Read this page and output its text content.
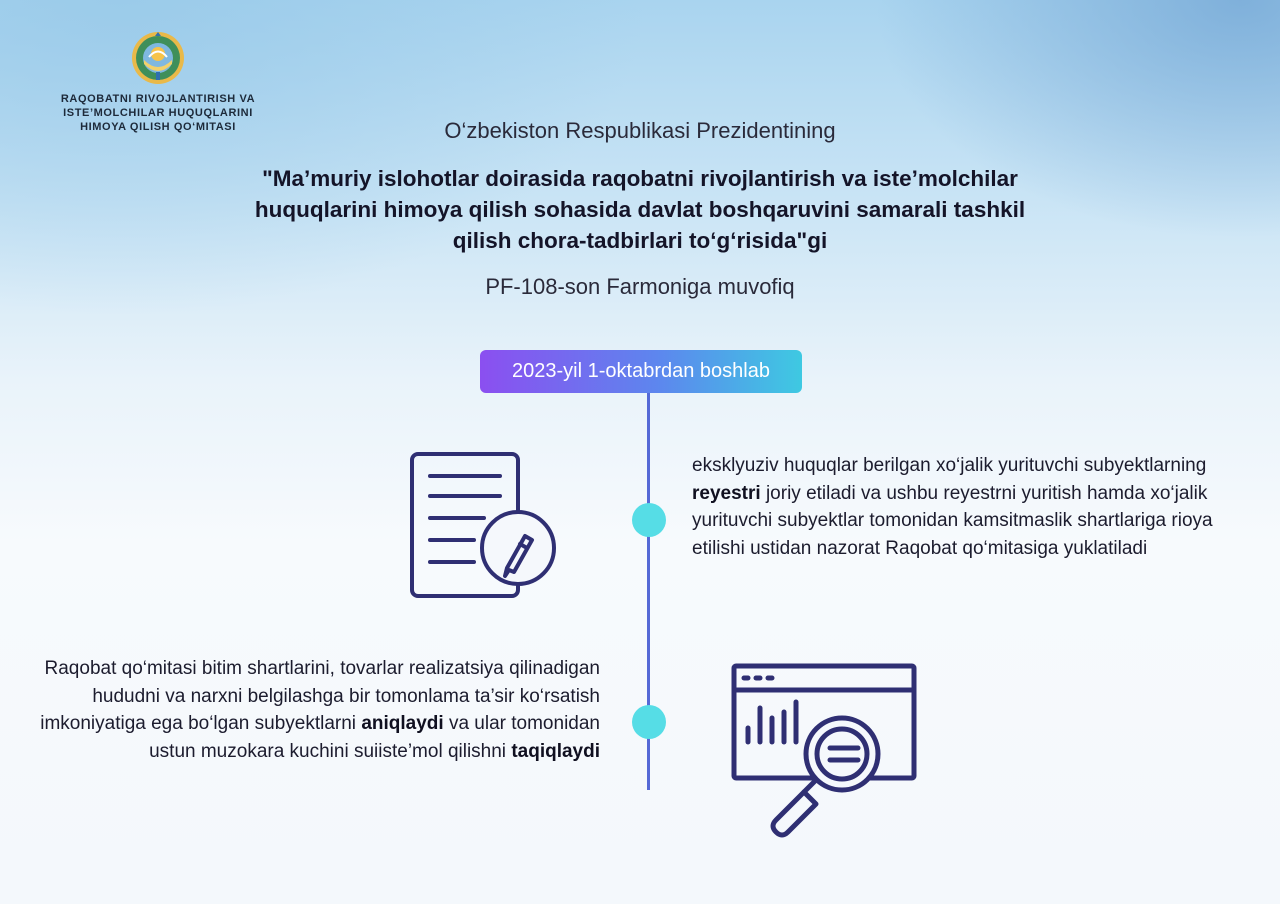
RAQOBATNI RIVOJLANTIRISH VA
ISTE’MOLCHILAR HUQUQLARINI
HIMOYA QILISH QO‘MITASI	O‘zbekiston Respublikasi Prezidentining
"Ma’muriy islohotlar doirasida raqobatni rivojlantirish va iste’molchilar
huquqlarini himoya qilish sohasida davlat boshqaruvini samarali tashkil
qilish chora-tadbirlari to‘g‘risida"gi
PF-108-son Farmoniga muvofiq
2023-yil 1-oktabrdan boshlab
eksklyuziv huquqlar berilgan xo‘jalik yurituvchi subyektlarning reyestri joriy etiladi va ushbu reyestrni yuritish hamda xo‘jalik yurituvchi subyektlar tomonidan kamsitmaslik shartlariga rioya etilishi ustidan nazorat Raqobat qo‘mitasiga yuklatiladi
Raqobat qo‘mitasi bitim shartlarini, tovarlar realizatsiya qilinadigan hududni va narxni belgilashga bir tomonlama ta’sir ko‘rsatish imkoniyatiga ega bo‘lgan subyektlarni aniqlaydi va ular tomonidan ustun muzokara kuchini suiiste’mol qilishni taqiqlaydi
